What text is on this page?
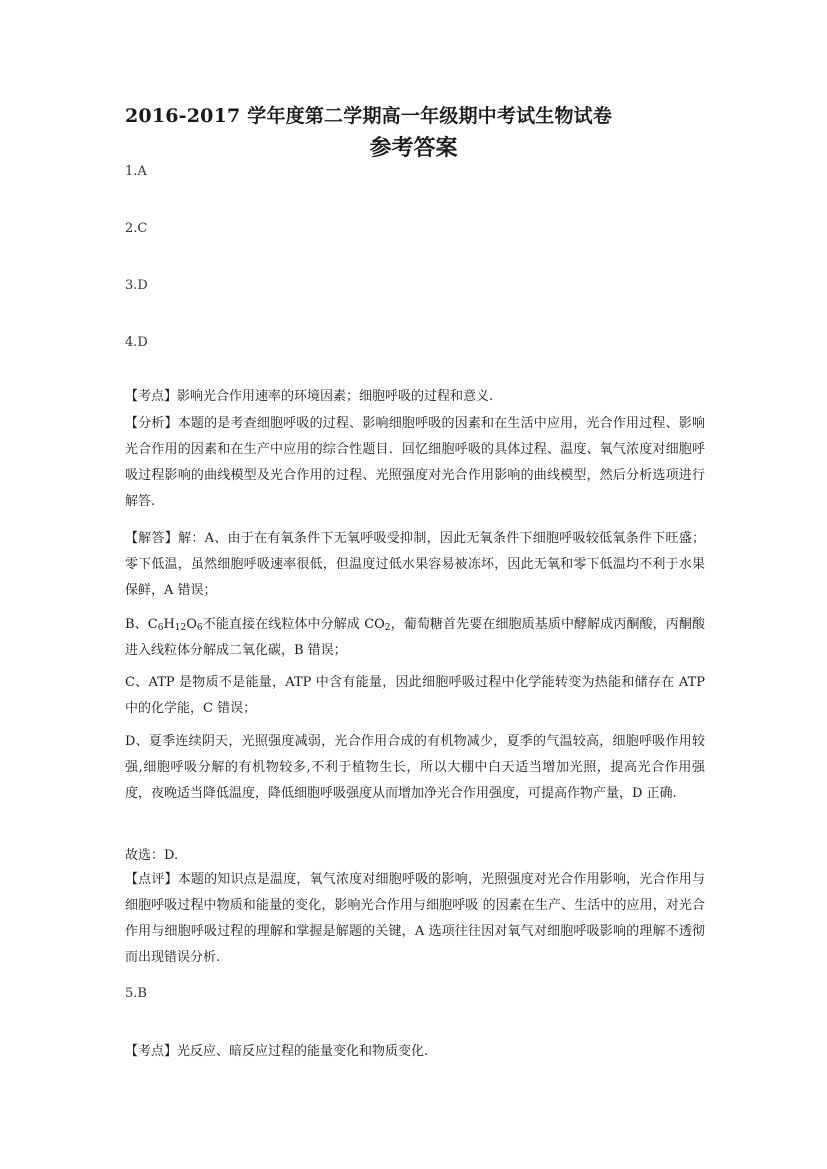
2016-2017 学年度第二学期高一年级期中考试生物试卷
参考答案
1.A
2.C
3.D
4.D
【考点】影响光合作用速率的环境因素；细胞呼吸的过程和意义.
【分析】本题的是考查细胞呼吸的过程、影响细胞呼吸的因素和在生活中应用，光合作用过程、影响光合作用的因素和在生产中应用的综合性题目．回忆细胞呼吸的具体过程、温度、氧气浓度对细胞呼吸过程影响的曲线模型及光合作用的过程、光照强度对光合作用影响的曲线模型，然后分析选项进行解答.
【解答】解：A、由于在有氧条件下无氧呼吸受抑制，因此无氧条件下细胞呼吸较低氧条件下旺盛；零下低温，虽然细胞呼吸速率很低，但温度过低水果容易被冻坏，因此无氧和零下低温均不利于水果保鲜，A 错误；
B、$C_6H_{12}O_6$不能直接在线粒体中分解成 $CO_2$，葡萄糖首先要在细胞质基质中酵解成丙酮酸，丙酮酸进入线粒体分解成二氧化碳，B 错误；
C、ATP 是物质不是能量，ATP 中含有能量，因此细胞呼吸过程中化学能转变为热能和储存在 ATP 中的化学能，C 错误；
D、夏季连续阴天，光照强度减弱，光合作用合成的有机物减少，夏季的气温较高，细胞呼吸作用较强,细胞呼吸分解的有机物较多,不利于植物生长，所以大棚中白天适当增加光照，提高光合作用强度，夜晚适当降低温度，降低细胞呼吸强度从而增加净光合作用强度，可提高作物产量，D 正确.
故选：D.
【点评】本题的知识点是温度，氧气浓度对细胞呼吸的影响，光照强度对光合作用影响，光合作用与细胞呼吸过程中物质和能量的变化，影响光合作用与细胞呼吸 的因素在生产、生活中的应用，对光合作用与细胞呼吸过程的理解和掌握是解题的关键，A 选项往往因对氧气对细胞呼吸影响的理解不透彻而出现错误分析.
5.B
【考点】光反应、暗反应过程的能量变化和物质变化.
